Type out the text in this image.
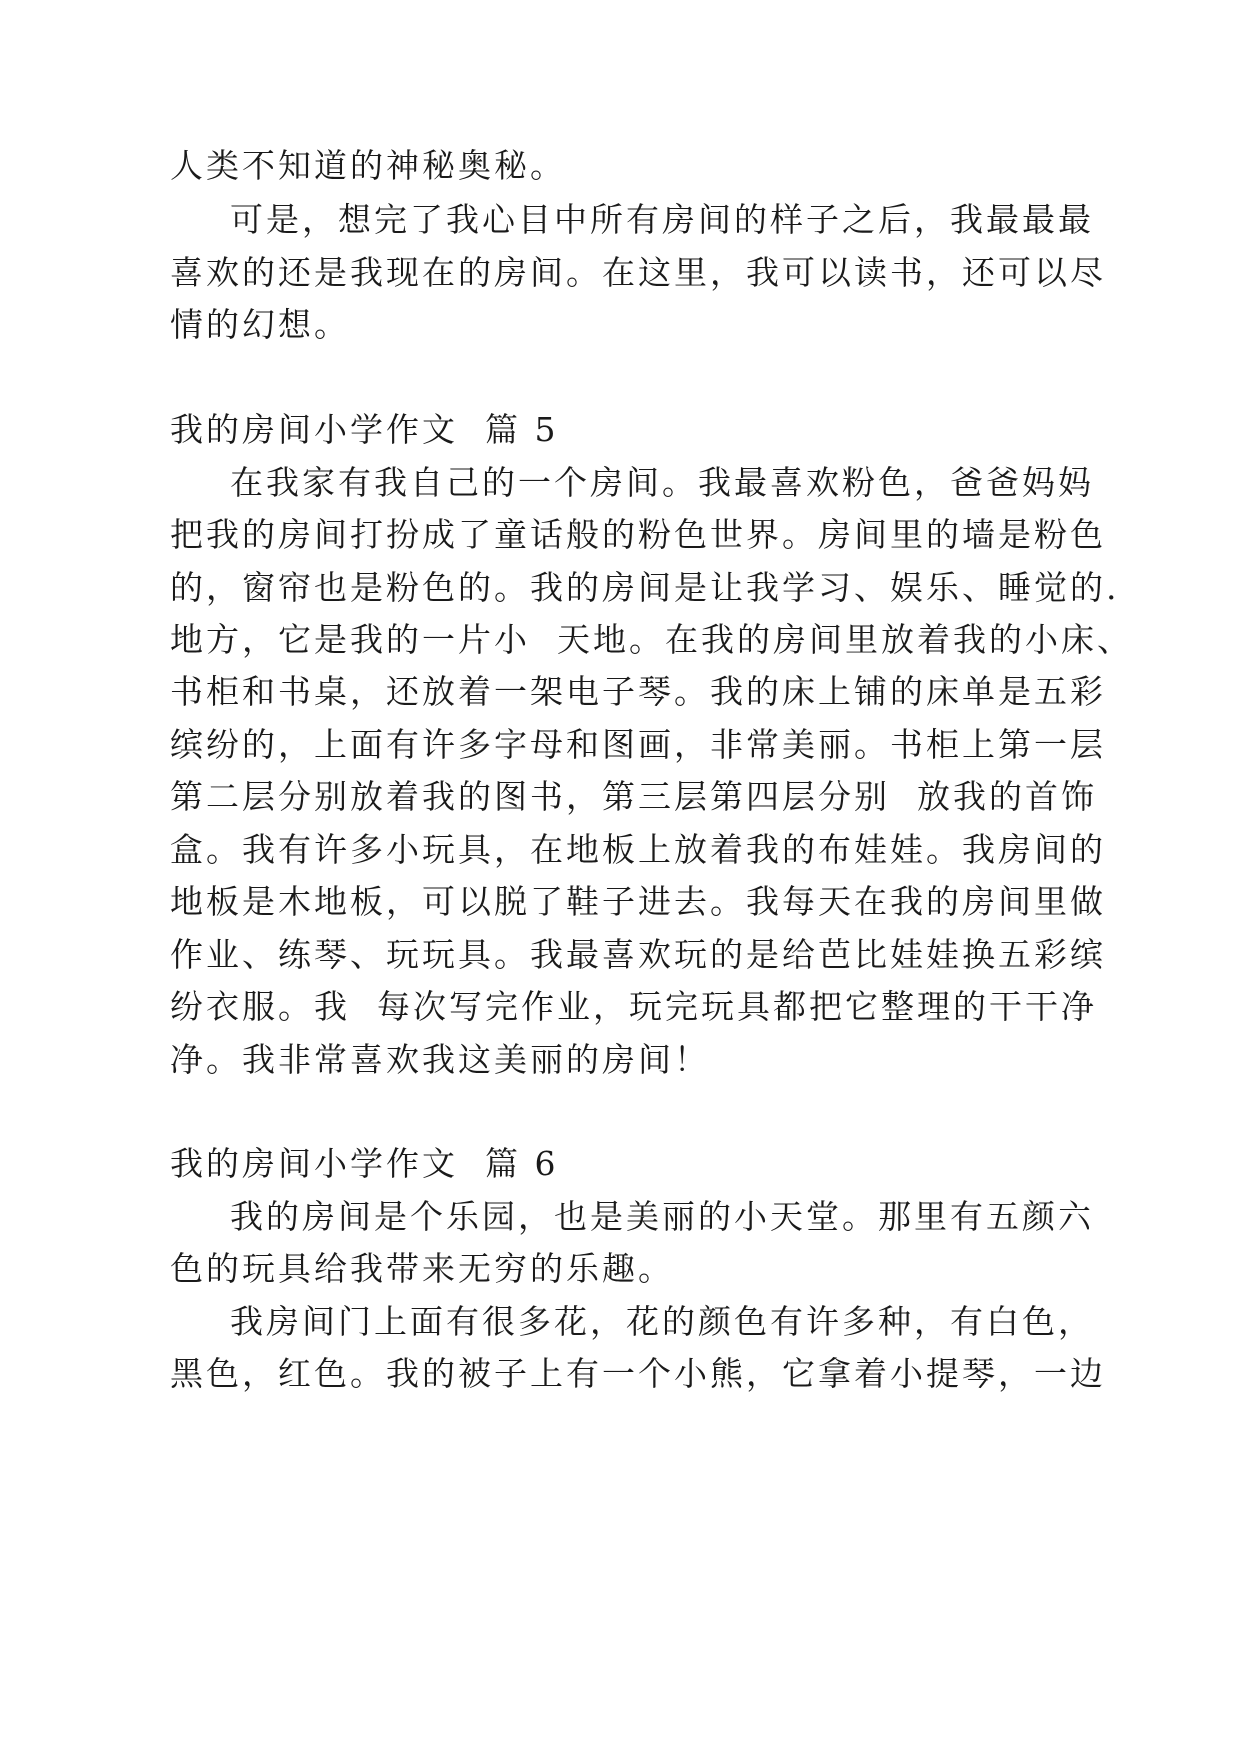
人类不知道的神秘奥秘。
可是，想完了我心目中所有房间的样子之后，我最最最
喜欢的还是我现在的房间。在这里，我可以读书，还可以尽
情的幻想。
我的房间小学作文  篇 5
在我家有我自己的一个房间。我最喜欢粉色，爸爸妈妈
把我的房间打扮成了童话般的粉色世界。房间里的墙是粉色
的，窗帘也是粉色的。我的房间是让我学习、娱乐、睡觉的.
地方，它是我的一片小  天地。在我的房间里放着我的小床、
书柜和书桌，还放着一架电子琴。我的床上铺的床单是五彩
缤纷的，上面有许多字母和图画，非常美丽。书柜上第一层
第二层分别放着我的图书，第三层第四层分别  放我的首饰
盒。我有许多小玩具，在地板上放着我的布娃娃。我房间的
地板是木地板，可以脱了鞋子进去。我每天在我的房间里做
作业、练琴、玩玩具。我最喜欢玩的是给芭比娃娃换五彩缤
纷衣服。我  每次写完作业，玩完玩具都把它整理的干干净
净。我非常喜欢我这美丽的房间！
我的房间小学作文  篇 6
我的房间是个乐园，也是美丽的小天堂。那里有五颜六
色的玩具给我带来无穷的乐趣。
我房间门上面有很多花，花的颜色有许多种，有白色，
黑色，红色。我的被子上有一个小熊，它拿着小提琴，一边
